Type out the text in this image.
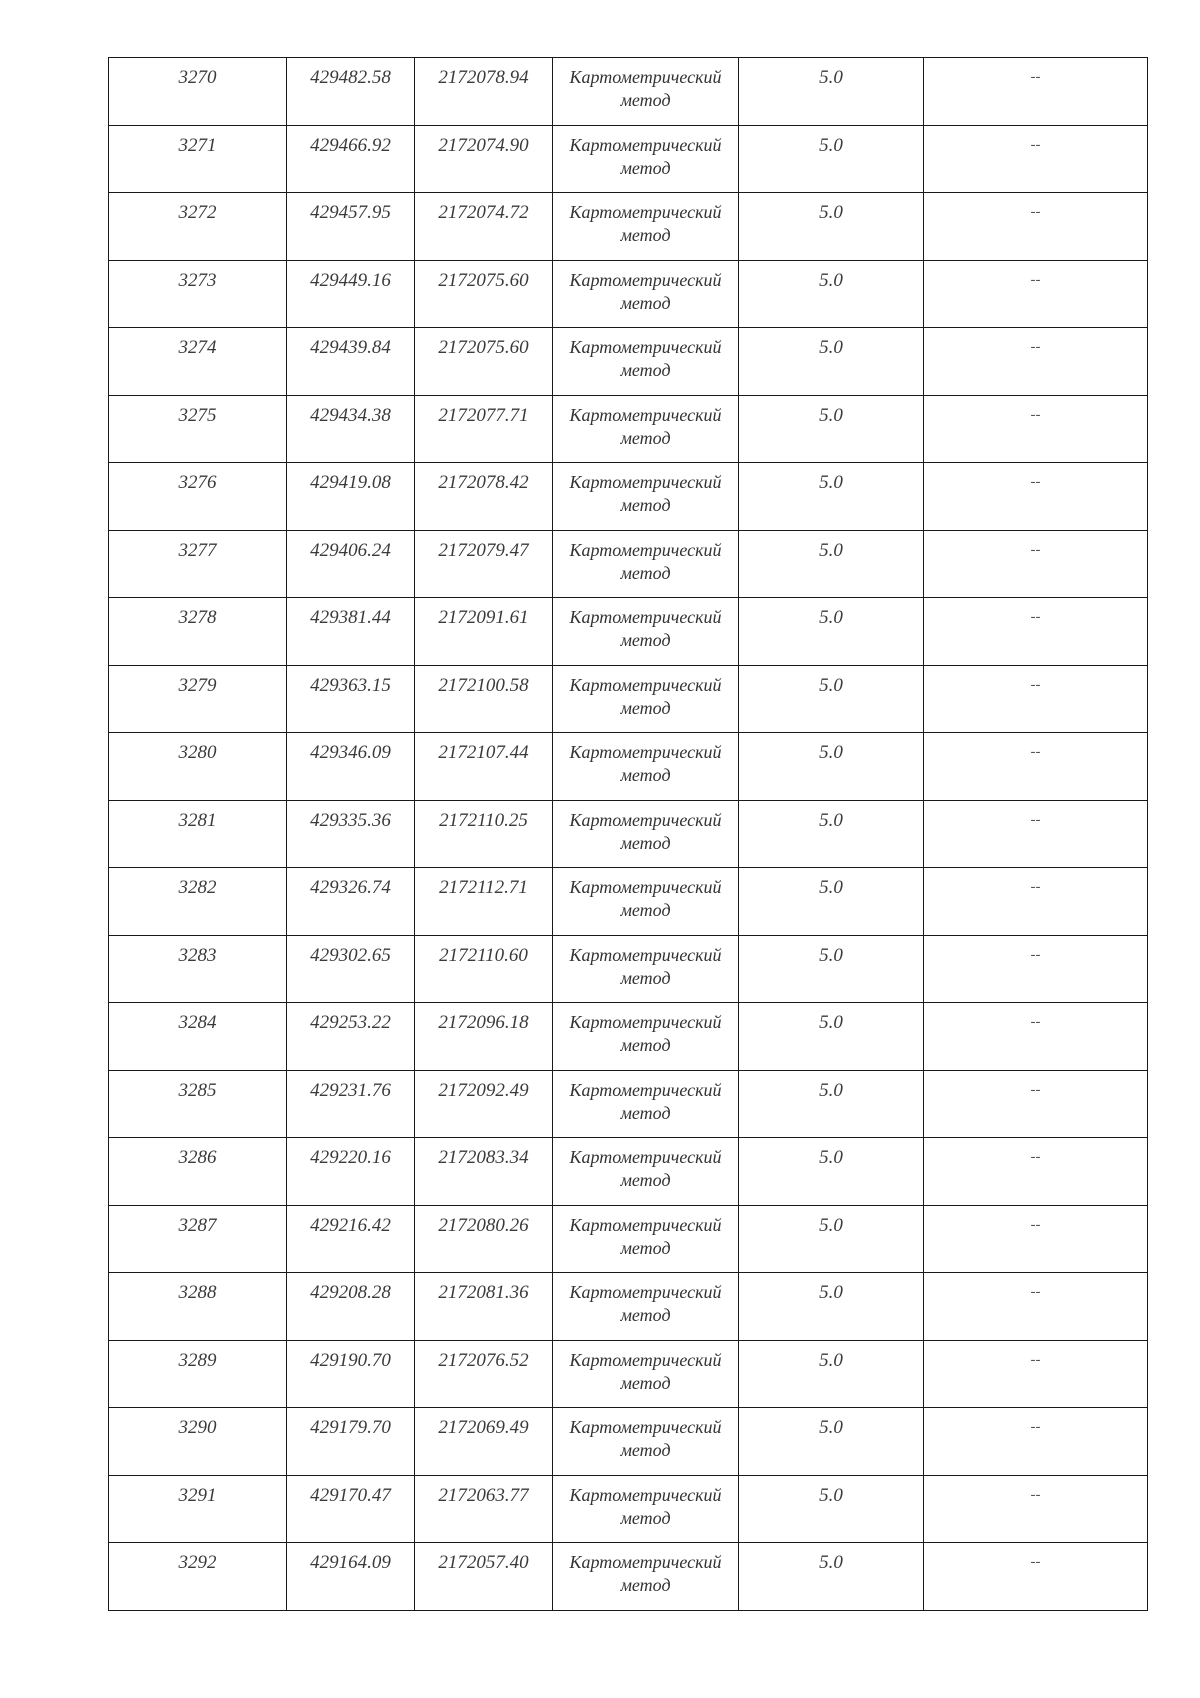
3270	429482.58	2172078.94	Картометрический метод	5.0	--
3271	429466.92	2172074.90	Картометрический метод	5.0	--
3272	429457.95	2172074.72	Картометрический метод	5.0	--
3273	429449.16	2172075.60	Картометрический метод	5.0	--
3274	429439.84	2172075.60	Картометрический метод	5.0	--
3275	429434.38	2172077.71	Картометрический метод	5.0	--
3276	429419.08	2172078.42	Картометрический метод	5.0	--
3277	429406.24	2172079.47	Картометрический метод	5.0	--
3278	429381.44	2172091.61	Картометрический метод	5.0	--
3279	429363.15	2172100.58	Картометрический метод	5.0	--
3280	429346.09	2172107.44	Картометрический метод	5.0	--
3281	429335.36	2172110.25	Картометрический метод	5.0	--
3282	429326.74	2172112.71	Картометрический метод	5.0	--
3283	429302.65	2172110.60	Картометрический метод	5.0	--
3284	429253.22	2172096.18	Картометрический метод	5.0	--
3285	429231.76	2172092.49	Картометрический метод	5.0	--
3286	429220.16	2172083.34	Картометрический метод	5.0	--
3287	429216.42	2172080.26	Картометрический метод	5.0	--
3288	429208.28	2172081.36	Картометрический метод	5.0	--
3289	429190.70	2172076.52	Картометрический метод	5.0	--
3290	429179.70	2172069.49	Картометрический метод	5.0	--
3291	429170.47	2172063.77	Картометрический метод	5.0	--
3292	429164.09	2172057.40	Картометрический метод	5.0	--
